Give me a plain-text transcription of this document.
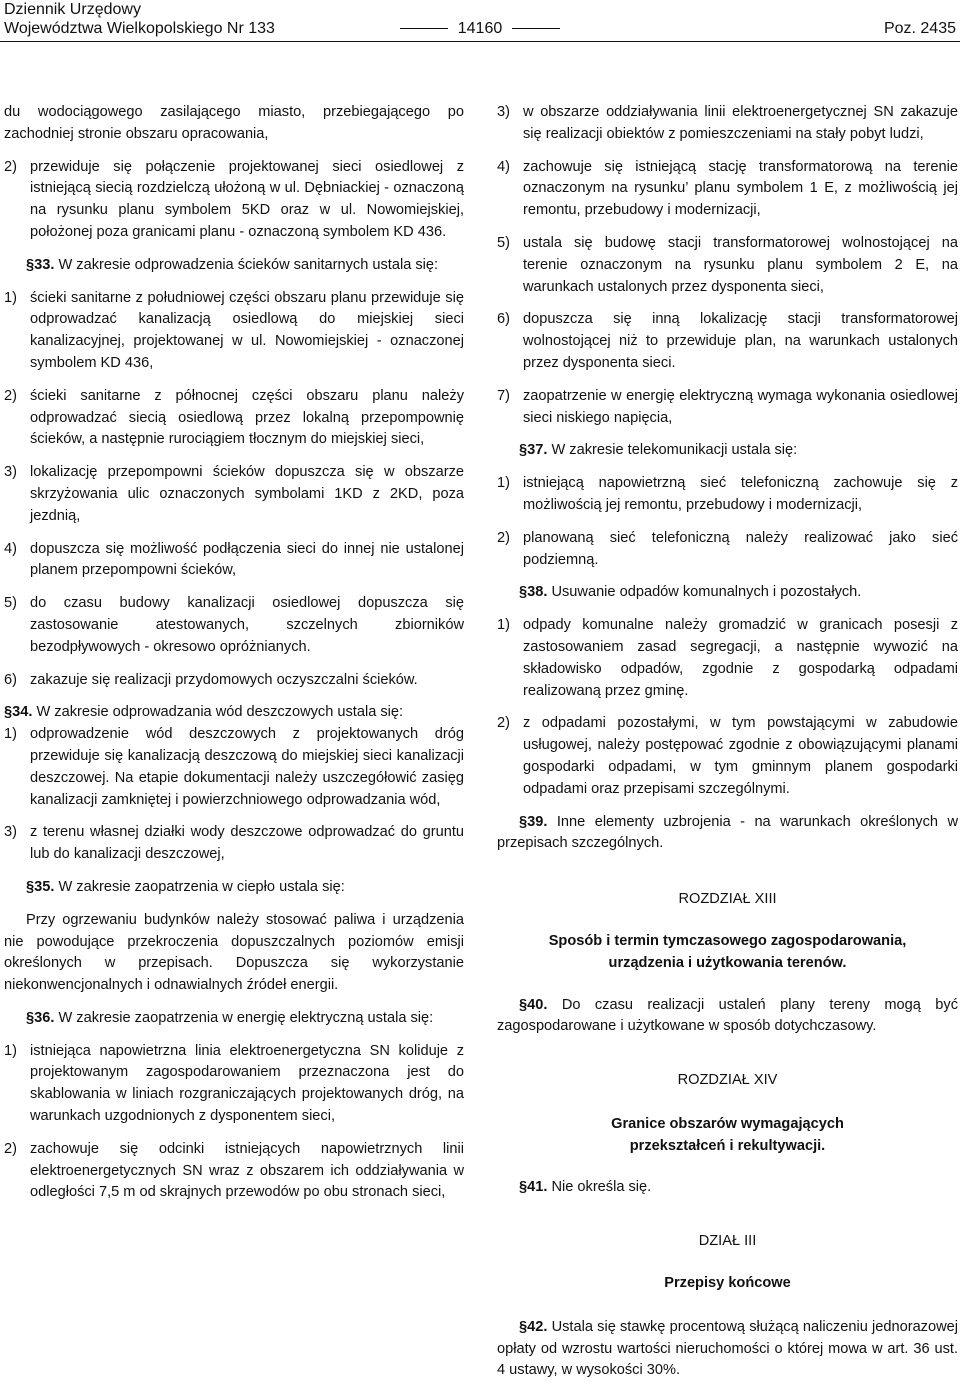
Dziennik Urzędowy
Województwa Wielkopolskiego Nr 133	14160	Poz. 2435

du wodociągowego zasilającego miasto, przebiegającego po zachodniej stronie obszaru opracowania,

2) przewiduje się połączenie projektowanej sieci osiedlowej z istniejącą siecią rozdzielczą ułożoną w ul. Dębniackiej - oznaczoną na rysunku planu symbolem 5KD oraz w ul. Nowomiejskiej, położonej poza granicami planu - oznaczoną symbolem KD 436.

§33. W zakresie odprowadzenia ścieków sanitarnych ustala się:

1) ścieki sanitarne z południowej części obszaru planu przewiduje się odprowadzać kanalizacją osiedlową do miejskiej sieci kanalizacyjnej, projektowanej w ul. Nowomiejskiej - oznaczonej symbolem KD 436,

2) ścieki sanitarne z północnej części obszaru planu należy odprowadzać siecią osiedlową przez lokalną przepompownię ścieków, a następnie rurociągiem tłocznym do miejskiej sieci,

3) lokalizację przepompowni ścieków dopuszcza się w obszarze skrzyżowania ulic oznaczonych symbolami 1KD z 2KD, poza jezdnią,

4) dopuszcza się możliwość podłączenia sieci do innej nie ustalonej planem przepompowni ścieków,

5) do czasu budowy kanalizacji osiedlowej dopuszcza się zastosowanie atestowanych, szczelnych zbiorników bezodpływowych - okresowo opróżnianych.

6) zakazuje się realizacji przydomowych oczyszczalni ścieków.

§34. W zakresie odprowadzania wód deszczowych ustala się:

1) odprowadzenie wód deszczowych z projektowanych dróg przewiduje się kanalizacją deszczową do miejskiej sieci kanalizacji deszczowej. Na etapie dokumentacji należy uszczegółowić zasięg kanalizacji zamkniętej i powierzchniowego odprowadzania wód,

3) z terenu własnej działki wody deszczowe odprowadzać do gruntu lub do kanalizacji deszczowej,

§35. W zakresie zaopatrzenia w ciepło ustala się:

Przy ogrzewaniu budynków należy stosować paliwa i urządzenia nie powodujące przekroczenia dopuszczalnych poziomów emisji określonych w przepisach. Dopuszcza się wykorzystanie niekonwencjonalnych i odnawialnych źródeł energii.

§36. W zakresie zaopatrzenia w energię elektryczną ustala się:

1) istniejąca napowietrzna linia elektroenergetyczna SN koliduje z projektowanym zagospodarowaniem przeznaczona jest do skablowania w liniach rozgraniczających projektowanych dróg, na warunkach uzgodnionych z dysponentem sieci,

2) zachowuje się odcinki istniejących napowietrznych linii elektroenergetycznych SN wraz z obszarem ich oddziaływania w odległości 7,5 m od skrajnych przewodów po obu stronach sieci,

3) w obszarze oddziaływania linii elektroenergetycznej SN zakazuje się realizacji obiektów z pomieszczeniami na stały pobyt ludzi,

4) zachowuje się istniejącą stację transformatorową na terenie oznaczonym na rysunku’ planu symbolem 1 E, z możliwością jej remontu, przebudowy i modernizacji,

5) ustala się budowę stacji transformatorowej wolnostojącej na terenie oznaczonym na rysunku planu symbolem 2 E, na warunkach ustalonych przez dysponenta sieci,

6) dopuszcza się inną lokalizację stacji transformatorowej wolnostojącej niż to przewiduje plan, na warunkach ustalonych przez dysponenta sieci.

7) zaopatrzenie w energię elektryczną wymaga wykonania osiedlowej sieci niskiego napięcia,

§37. W zakresie telekomunikacji ustala się:

1) istniejącą napowietrzną sieć telefoniczną zachowuje się z możliwością jej remontu, przebudowy i modernizacji,

2) planowaną sieć telefoniczną należy realizować jako sieć podziemną.

§38. Usuwanie odpadów komunalnych i pozostałych.

1) odpady komunalne należy gromadzić w granicach posesji z zastosowaniem zasad segregacji, a następnie wywozić na składowisko odpadów, zgodnie z gospodarką odpadami realizowaną przez gminę.

2) z odpadami pozostałymi, w tym powstającymi w zabudowie usługowej, należy postępować zgodnie z obowiązującymi planami gospodarki odpadami, w tym gminnym planem gospodarki odpadami oraz przepisami szczególnymi.

§39. Inne elementy uzbrojenia - na warunkach określonych w przepisach szczególnych.

ROZDZIAŁ XIII

Sposób i termin tymczasowego zagospodarowania, urządzenia i użytkowania terenów.

§40. Do czasu realizacji ustaleń plany tereny mogą być zagospodarowane i użytkowane w sposób dotychczasowy.

ROZDZIAŁ XIV

Granice obszarów wymagających przekształceń i rekultywacji.

§41. Nie określa się.

DZIAŁ III

Przepisy końcowe

§42. Ustala się stawkę procentową służącą naliczeniu jednorazowej opłaty od wzrostu wartości nieruchomości o której mowa w art. 36 ust. 4 ustawy, w wysokości 30%.
